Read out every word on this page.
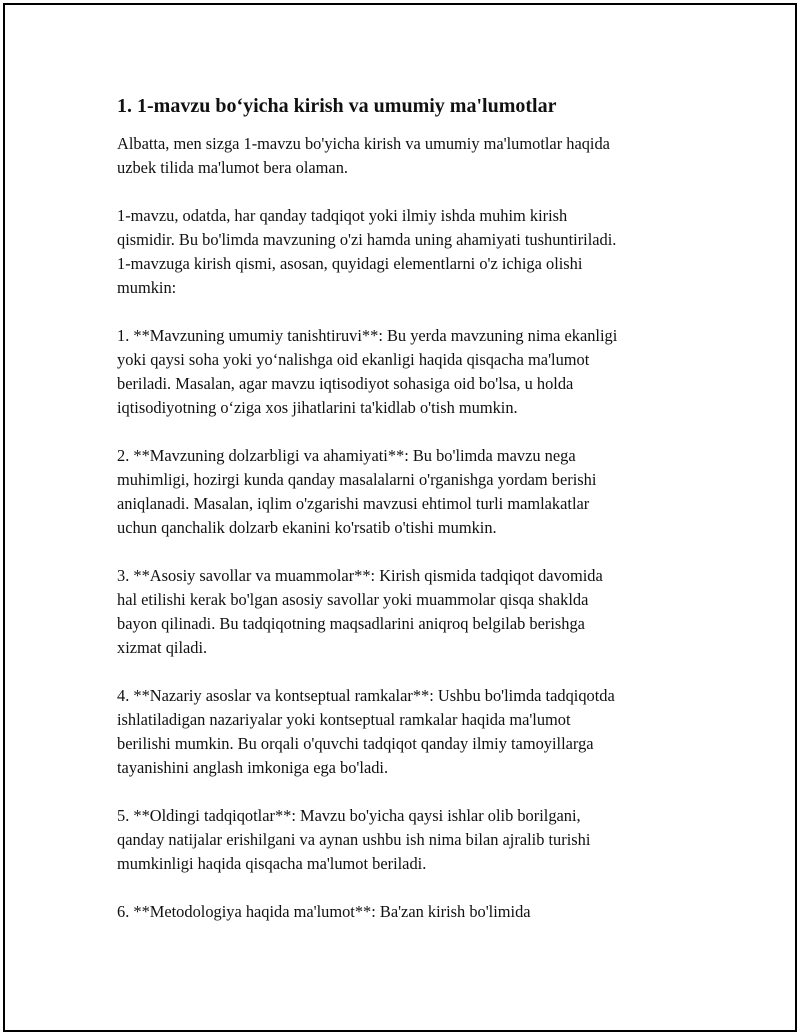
1. 1-mavzu bo‘yicha kirish va umumiy ma'lumotlar
Albatta, men sizga 1-mavzu bo'yicha kirish va umumiy ma'lumotlar haqida
uzbek tilida ma'lumot bera olaman.
1-mavzu, odatda, har qanday tadqiqot yoki ilmiy ishda muhim kirish
qismidir. Bu bo'limda mavzuning o'zi hamda uning ahamiyati tushuntiriladi.
1-mavzuga kirish qismi, asosan, quyidagi elementlarni o'z ichiga olishi
mumkin:
1. **Mavzuning umumiy tanishtiruvi**: Bu yerda mavzuning nima ekanligi
yoki qaysi soha yoki yo‘nalishga oid ekanligi haqida qisqacha ma'lumot
beriladi. Masalan, agar mavzu iqtisodiyot sohasiga oid bo'lsa, u holda
iqtisodiyotning o‘ziga xos jihatlarini ta'kidlab o'tish mumkin.
2. **Mavzuning dolzarbligi va ahamiyati**: Bu bo'limda mavzu nega
muhimligi, hozirgi kunda qanday masalalarni o'rganishga yordam berishi
aniqlanadi. Masalan, iqlim o'zgarishi mavzusi ehtimol turli mamlakatlar
uchun qanchalik dolzarb ekanini ko'rsatib o'tishi mumkin.
3. **Asosiy savollar va muammolar**: Kirish qismida tadqiqot davomida
hal etilishi kerak bo'lgan asosiy savollar yoki muammolar qisqa shaklda
bayon qilinadi. Bu tadqiqotning maqsadlarini aniqroq belgilab berishga
xizmat qiladi.
4. **Nazariy asoslar va kontseptual ramkalar**: Ushbu bo'limda tadqiqotda
ishlatiladigan nazariyalar yoki kontseptual ramkalar haqida ma'lumot
berilishi mumkin. Bu orqali o'quvchi tadqiqot qanday ilmiy tamoyillarga
tayanishini anglash imkoniga ega bo'ladi.
5. **Oldingi tadqiqotlar**: Mavzu bo'yicha qaysi ishlar olib borilgani,
qanday natijalar erishilgani va aynan ushbu ish nima bilan ajralib turishi
mumkinligi haqida qisqacha ma'lumot beriladi.
6. **Metodologiya haqida ma'lumot**: Ba'zan kirish bo'limida
